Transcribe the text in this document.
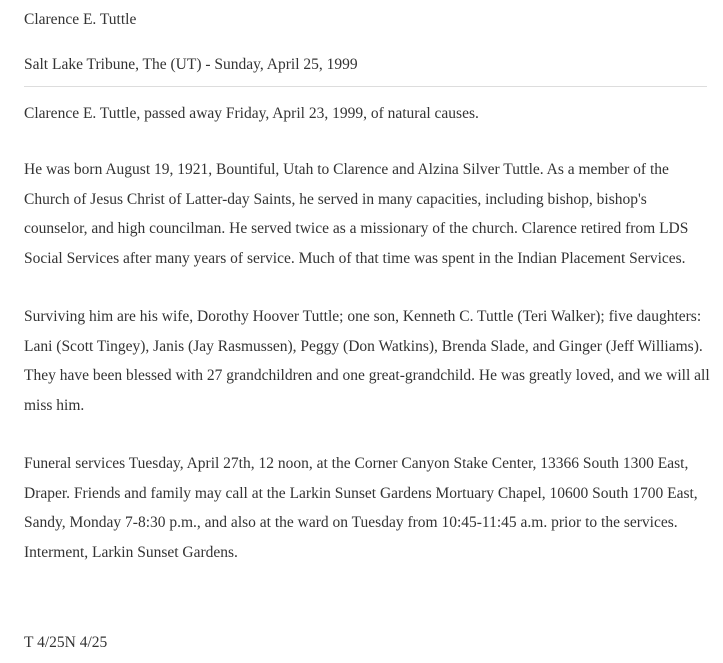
Clarence E. Tuttle
Salt Lake Tribune, The (UT) - Sunday, April 25, 1999

Clarence E. Tuttle, passed away Friday, April 23, 1999, of natural causes.

He was born August 19, 1921, Bountiful, Utah to Clarence and Alzina Silver Tuttle. As a member of the Church of Jesus Christ of Latter-day Saints, he served in many capacities, including bishop, bishop's counselor, and high councilman. He served twice as a missionary of the church. Clarence retired from LDS Social Services after many years of service. Much of that time was spent in the Indian Placement Services.

Surviving him are his wife, Dorothy Hoover Tuttle; one son, Kenneth C. Tuttle (Teri Walker); five daughters: Lani (Scott Tingey), Janis (Jay Rasmussen), Peggy (Don Watkins), Brenda Slade, and Ginger (Jeff Williams). They have been blessed with 27 grandchildren and one great-grandchild. He was greatly loved, and we will all miss him.

Funeral services Tuesday, April 27th, 12 noon, at the Corner Canyon Stake Center, 13366 South 1300 East, Draper. Friends and family may call at the Larkin Sunset Gardens Mortuary Chapel, 10600 South 1700 East, Sandy, Monday 7-8:30 p.m., and also at the ward on Tuesday from 10:45-11:45 a.m. prior to the services. Interment, Larkin Sunset Gardens.

T 4/25N 4/25
